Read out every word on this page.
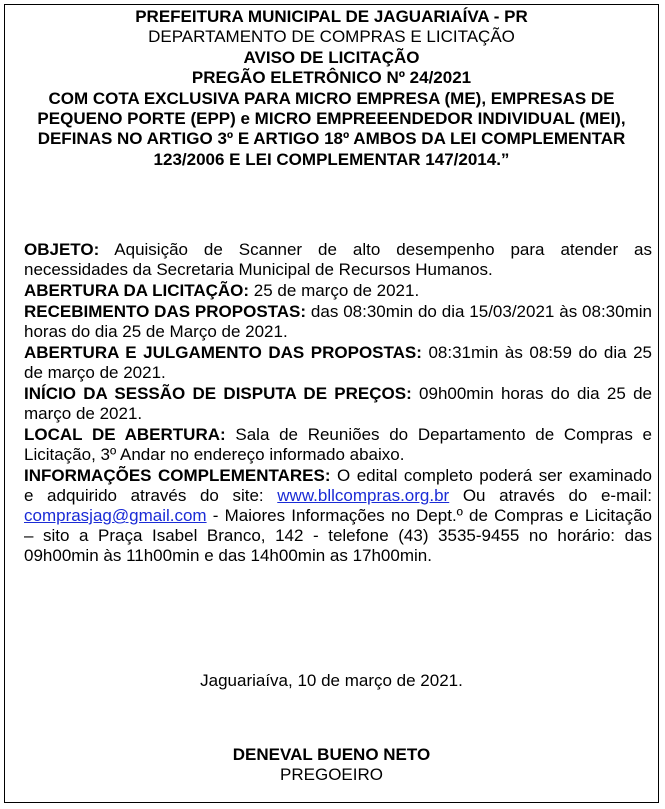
PREFEITURA MUNICIPAL DE JAGUARIAÍVA - PR
DEPARTAMENTO DE COMPRAS E LICITAÇÃO
AVISO DE LICITAÇÃO
PREGÃO ELETRÔNICO Nº 24/2021
COM COTA EXCLUSIVA PARA MICRO EMPRESA (ME), EMPRESAS DE PEQUENO PORTE (EPP) e MICRO EMPREEENDEDOR INDIVIDUAL (MEI), DEFINAS NO ARTIGO 3º E ARTIGO 18º AMBOS DA LEI COMPLEMENTAR 123/2006 E LEI COMPLEMENTAR 147/2014.”

OBJETO: Aquisição de Scanner de alto desempenho para atender as necessidades da Secretaria Municipal de Recursos Humanos.

ABERTURA DA LICITAÇÃO: 25 de março de 2021.

RECEBIMENTO DAS PROPOSTAS: das 08:30min do dia 15/03/2021 às 08:30min horas do dia 25 de Março de 2021.

ABERTURA E JULGAMENTO DAS PROPOSTAS: 08:31min às 08:59 do dia 25 de março de 2021.

INÍCIO DA SESSÃO DE DISPUTA DE PREÇOS: 09h00min horas do dia 25 de março de 2021.

LOCAL DE ABERTURA: Sala de Reuniões do Departamento de Compras e Licitação, 3º Andar no endereço informado abaixo.

INFORMAÇÕES COMPLEMENTARES: O edital completo poderá ser examinado e adquirido através do site: www.bllcompras.org.br Ou através do e-mail: comprasjag@gmail.com - Maiores Informações no Dept.º de Compras e Licitação – sito a Praça Isabel Branco, 142 - telefone (43) 3535-9455 no horário: das 09h00min às 11h00min e das 14h00min as 17h00min.

Jaguariaíva, 10 de março de 2021.
DENEVAL BUENO NETO
PREGOEIRO
